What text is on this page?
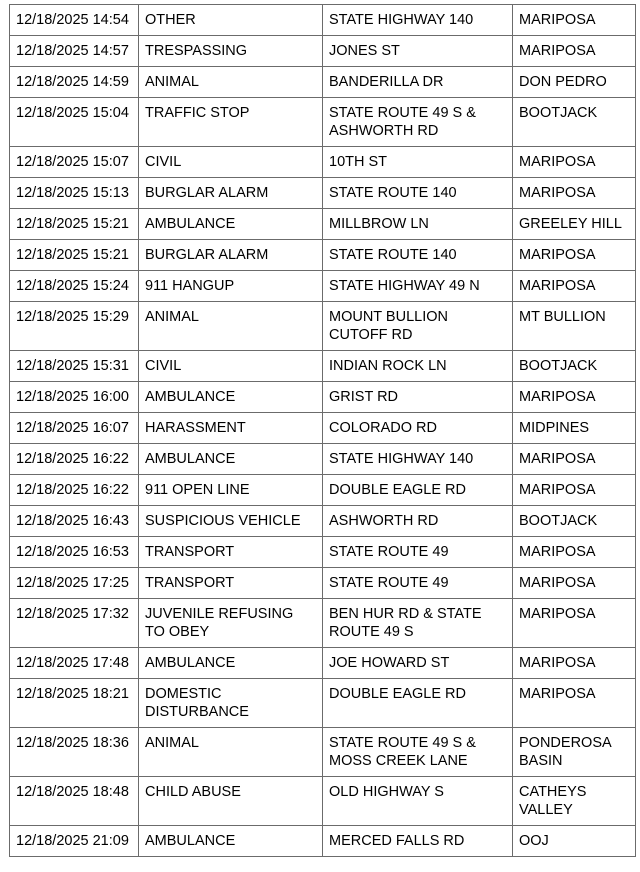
12/18/2025 14:54	OTHER	STATE HIGHWAY 140	MARIPOSA
12/18/2025 14:57	TRESPASSING	JONES ST	MARIPOSA
12/18/2025 14:59	ANIMAL	BANDERILLA DR	DON PEDRO
12/18/2025 15:04	TRAFFIC STOP	STATE ROUTE 49 S & ASHWORTH RD	BOOTJACK
12/18/2025 15:07	CIVIL	10TH ST	MARIPOSA
12/18/2025 15:13	BURGLAR ALARM	STATE ROUTE 140	MARIPOSA
12/18/2025 15:21	AMBULANCE	MILLBROW LN	GREELEY HILL
12/18/2025 15:21	BURGLAR ALARM	STATE ROUTE 140	MARIPOSA
12/18/2025 15:24	911 HANGUP	STATE HIGHWAY 49 N	MARIPOSA
12/18/2025 15:29	ANIMAL	MOUNT BULLION CUTOFF RD	MT BULLION
12/18/2025 15:31	CIVIL	INDIAN ROCK LN	BOOTJACK
12/18/2025 16:00	AMBULANCE	GRIST RD	MARIPOSA
12/18/2025 16:07	HARASSMENT	COLORADO RD	MIDPINES
12/18/2025 16:22	AMBULANCE	STATE HIGHWAY 140	MARIPOSA
12/18/2025 16:22	911 OPEN LINE	DOUBLE EAGLE RD	MARIPOSA
12/18/2025 16:43	SUSPICIOUS VEHICLE	ASHWORTH RD	BOOTJACK
12/18/2025 16:53	TRANSPORT	STATE ROUTE 49	MARIPOSA
12/18/2025 17:25	TRANSPORT	STATE ROUTE 49	MARIPOSA
12/18/2025 17:32	JUVENILE REFUSING TO OBEY	BEN HUR RD & STATE ROUTE 49 S	MARIPOSA
12/18/2025 17:48	AMBULANCE	JOE HOWARD ST	MARIPOSA
12/18/2025 18:21	DOMESTIC DISTURBANCE	DOUBLE EAGLE RD	MARIPOSA
12/18/2025 18:36	ANIMAL	STATE ROUTE 49 S & MOSS CREEK LANE	PONDEROSA BASIN
12/18/2025 18:48	CHILD ABUSE	OLD HIGHWAY S	CATHEYS VALLEY
12/18/2025 21:09	AMBULANCE	MERCED FALLS RD	OOJ
